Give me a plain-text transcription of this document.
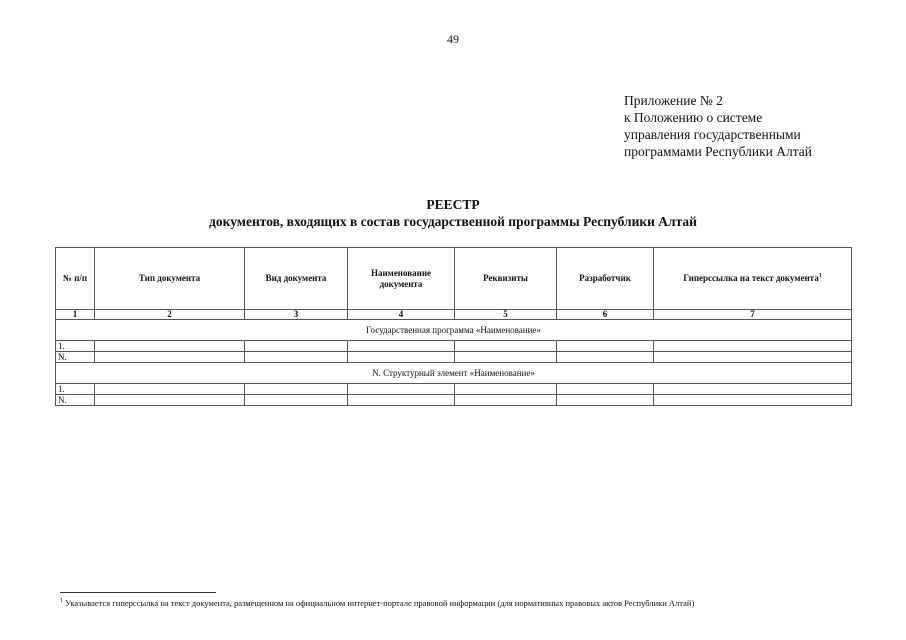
49
Приложение № 2
к Положению о системе
управления государственными
программами Республики Алтай
РЕЕСТР
документов, входящих в состав государственной программы Республики Алтай
№ п/п	Тип документа	Вид документа	Наименование документа	Реквизиты	Разработчик	Гиперссылка на текст документа$^1$
1	2	3	4	5	6	7
Государственная программа «Наименование»						
1.						
N.						
N. Структурный элемент «Наименование»						
1.						
N.						
$^1$ Указывается гиперссылка на текст документа, размещенном на официальном интернет-портале правовой информации (для нормативных правовых актов Республики Алтай)
